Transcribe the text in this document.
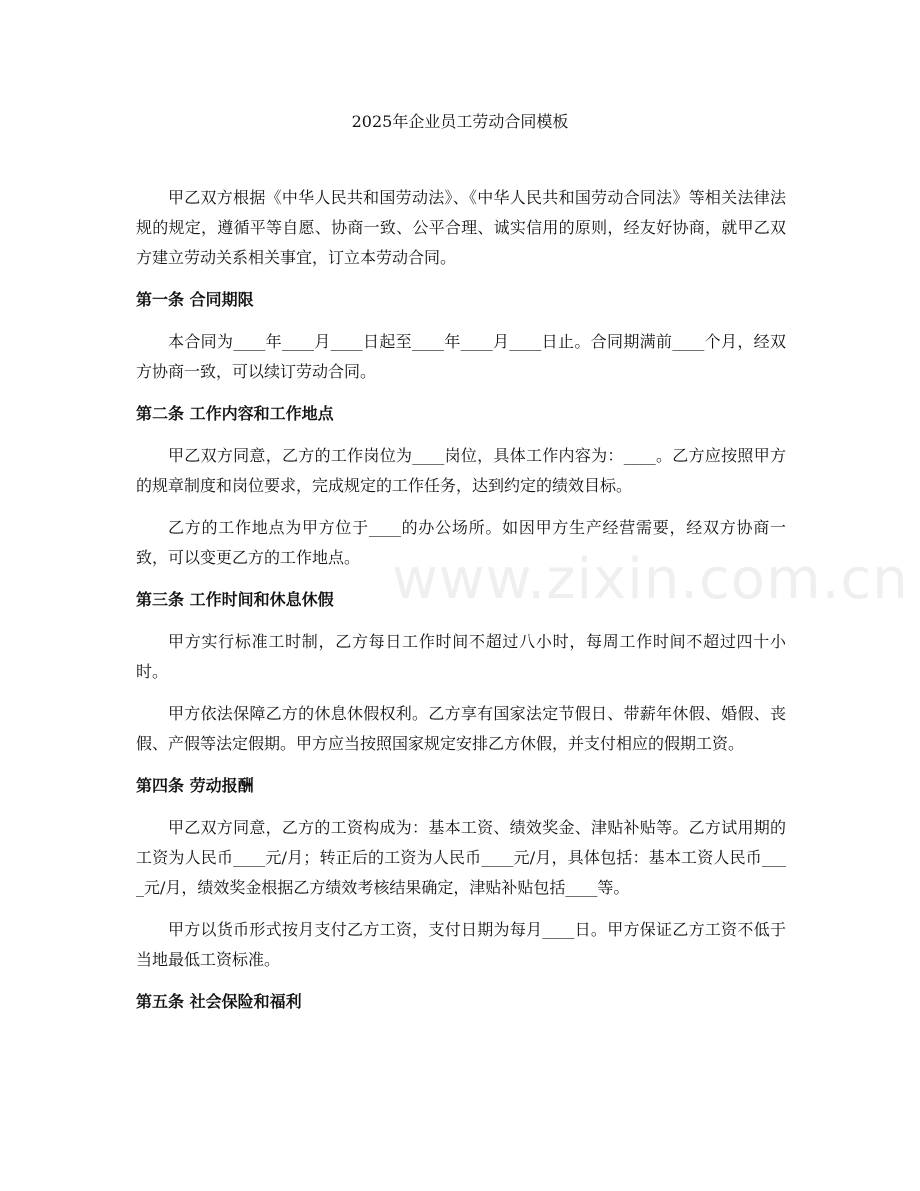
2025年企业员工劳动合同模板
www.zixin.com.cn

甲乙双方根据《中华人民共和国劳动法》、《中华人民共和国劳动合同法》等相关法律法规的规定，遵循平等自愿、协商一致、公平合理、诚实信用的原则，经友好协商，就甲乙双方建立劳动关系相关事宜，订立本劳动合同。

第一条 合同期限

本合同为____年____月____日起至____年____月____日止。合同期满前____个月，经双方协商一致，可以续订劳动合同。

第二条 工作内容和工作地点

甲乙双方同意，乙方的工作岗位为____岗位，具体工作内容为：____。乙方应按照甲方的规章制度和岗位要求，完成规定的工作任务，达到约定的绩效目标。

乙方的工作地点为甲方位于____的办公场所。如因甲方生产经营需要，经双方协商一致，可以变更乙方的工作地点。

第三条 工作时间和休息休假

甲方实行标准工时制，乙方每日工作时间不超过八小时，每周工作时间不超过四十小时。

甲方依法保障乙方的休息休假权利。乙方享有国家法定节假日、带薪年休假、婚假、丧假、产假等法定假期。甲方应当按照国家规定安排乙方休假，并支付相应的假期工资。

第四条 劳动报酬

甲乙双方同意，乙方的工资构成为：基本工资、绩效奖金、津贴补贴等。乙方试用期的工资为人民币____元/月；转正后的工资为人民币____元/月，具体包括：基本工资人民币____元/月，绩效奖金根据乙方绩效考核结果确定，津贴补贴包括____等。

甲方以货币形式按月支付乙方工资，支付日期为每月____日。甲方保证乙方工资不低于当地最低工资标准。

第五条 社会保险和福利
